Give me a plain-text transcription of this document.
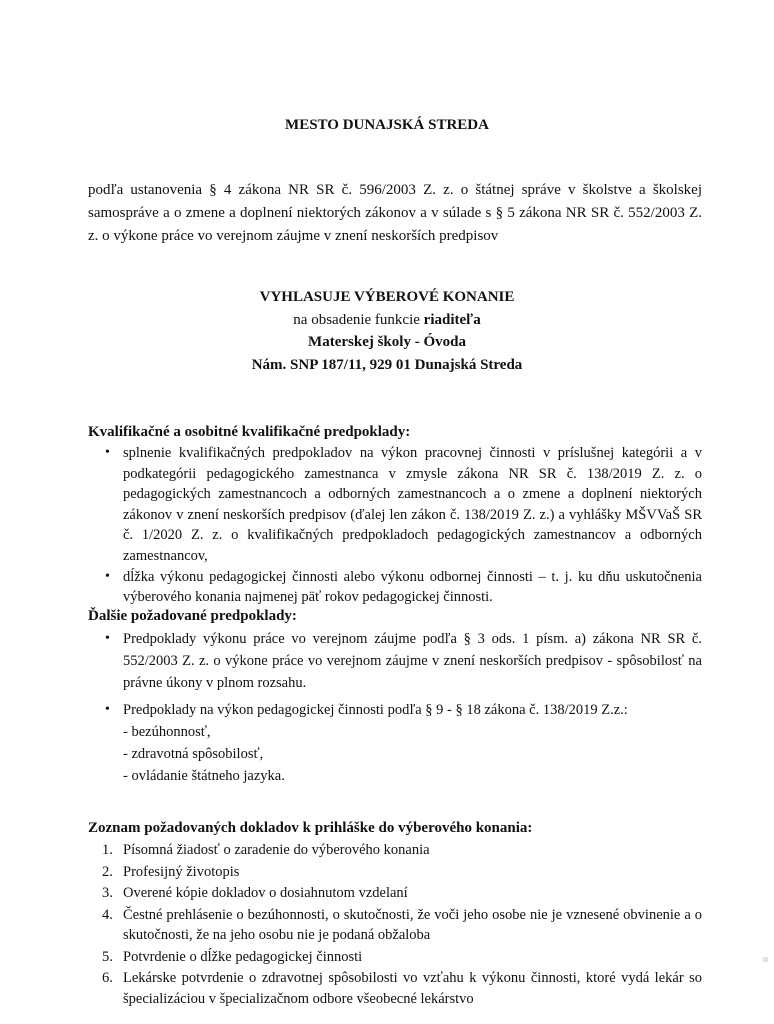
MESTO DUNAJSKÁ STREDA
podľa ustanovenia § 4 zákona NR SR č. 596/2003 Z. z. o štátnej správe v školstve a školskej samospráve a o zmene a doplnení niektorých zákonov a v súlade s § 5 zákona NR SR č. 552/2003 Z. z. o výkone práce vo verejnom záujme v znení neskorších predpisov
VYHLASUJE VÝBEROVÉ KONANIE
na obsadenie funkcie riaditeľa
Materskej školy - Óvoda
Nám. SNP 187/11, 929 01 Dunajská Streda
Kvalifikačné a osobitné kvalifikačné predpoklady:
• splnenie kvalifikačných predpokladov na výkon pracovnej činnosti v príslušnej kategórii a v podkategórii pedagogického zamestnanca v zmysle zákona NR SR č. 138/2019 Z. z. o pedagogických zamestnancoch a odborných zamestnancoch a o zmene a doplnení niektorých zákonov v znení neskorších predpisov (ďalej len zákon č. 138/2019 Z. z.) a vyhlášky MŠVVaŠ SR č. 1/2020 Z. z. o kvalifikačných predpokladoch pedagogických zamestnancov a odborných zamestnancov,
• dĺžka výkonu pedagogickej činnosti alebo výkonu odbornej činnosti – t. j. ku dňu uskutočnenia výberového konania najmenej päť rokov pedagogickej činnosti.
Ďalšie požadované predpoklady:
• Predpoklady výkonu práce vo verejnom záujme podľa § 3 ods. 1 písm. a) zákona NR SR č. 552/2003 Z. z. o výkone práce vo verejnom záujme v znení neskorších predpisov - spôsobilosť na právne úkony v plnom rozsahu.
• Predpoklady na výkon pedagogickej činnosti podľa § 9 - § 18 zákona č. 138/2019 Z.z.:
- bezúhonnosť,
- zdravotná spôsobilosť,
- ovládanie štátneho jazyka.
Zoznam požadovaných dokladov k prihláške do výberového konania:
1. Písomná žiadosť o zaradenie do výberového konania
2. Profesijný životopis
3. Overené kópie dokladov o dosiahnutom vzdelaní
4. Čestné prehlásenie o bezúhonnosti, o skutočnosti, že voči jeho osobe nie je vznesené obvinenie a o skutočnosti, že na jeho osobu nie je podaná obžaloba
5. Potvrdenie o dĺžke pedagogickej činnosti
6. Lekárske potvrdenie o zdravotnej spôsobilosti vo vzťahu k výkonu činnosti, ktoré vydá lekár so špecializáciou v špecializačnom odbore všeobecné lekárstvo
